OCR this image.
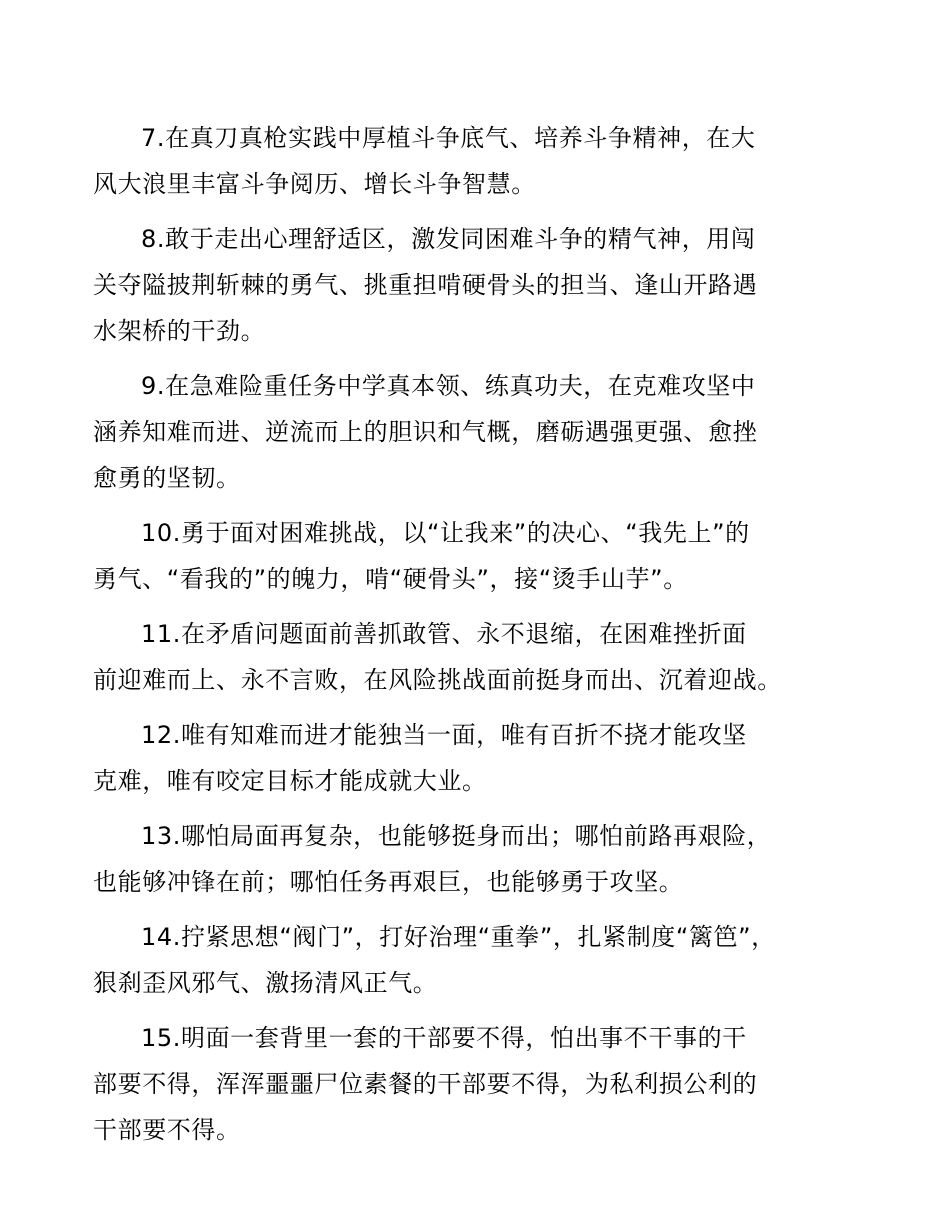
7.在真刀真枪实践中厚植斗争底气、培养斗争精神，在大
风大浪里丰富斗争阅历、增长斗争智慧。

8.敢于走出心理舒适区，激发同困难斗争的精气神，用闯
关夺隘披荆斩棘的勇气、挑重担啃硬骨头的担当、逢山开路遇
水架桥的干劲。

9.在急难险重任务中学真本领、练真功夫，在克难攻坚中
涵养知难而进、逆流而上的胆识和气概，磨砺遇强更强、愈挫
愈勇的坚韧。

10.勇于面对困难挑战，以“让我来”的决心、“我先上”的
勇气、“看我的”的魄力，啃“硬骨头”，接“烫手山芋”。

11.在矛盾问题面前善抓敢管、永不退缩，在困难挫折面
前迎难而上、永不言败，在风险挑战面前挺身而出、沉着迎战。

12.唯有知难而进才能独当一面，唯有百折不挠才能攻坚
克难，唯有咬定目标才能成就大业。

13.哪怕局面再复杂，也能够挺身而出；哪怕前路再艰险，
也能够冲锋在前；哪怕任务再艰巨，也能够勇于攻坚。

14.拧紧思想“阀门”，打好治理“重拳”，扎紧制度“篱笆”，
狠刹歪风邪气、激扬清风正气。

15.明面一套背里一套的干部要不得，怕出事不干事的干
部要不得，浑浑噩噩尸位素餐的干部要不得，为私利损公利的
干部要不得。
